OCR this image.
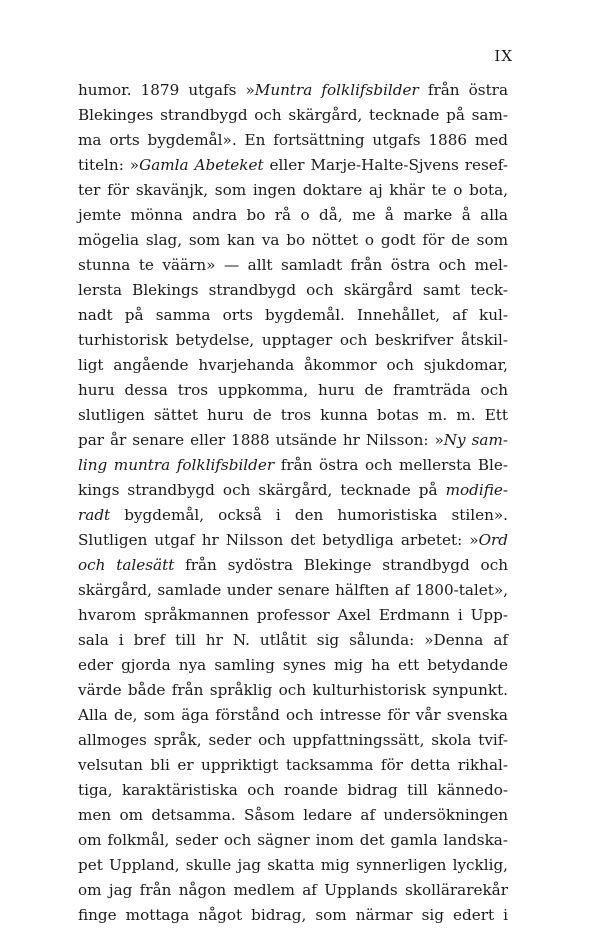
IX
humor. 1879 utgafs »Muntra folklifsbilder från östra
Blekinges strandbygd och skärgård, tecknade på sam-
ma orts bygdemål». En fortsättning utgafs 1886 med
titeln: »Gamla Abeteket eller Marje-Halte-Sjvens resef-
ter för skavänjk, som ingen doktare aj khär te o bota,
jemte mönna andra bo rå o då, me å marke å alla
mögelia slag, som kan va bo nöttet o godt för de som
stunna te väärn» — allt samladt från östra och mel-
lersta Blekings strandbygd och skärgård samt teck-
nadt på samma orts bygdemål. Innehållet, af kul-
turhistorisk betydelse, upptager och beskrifver åtskil-
ligt angående hvarjehanda åkommor och sjukdomar,
huru dessa tros uppkomma, huru de framträda och
slutligen sättet huru de tros kunna botas m. m. Ett
par år senare eller 1888 utsände hr Nilsson: »Ny sam-
ling muntra folklifsbilder från östra och mellersta Ble-
kings strandbygd och skärgård, tecknade på modifie-
radt bygdemål, också i den humoristiska stilen».
Slutligen utgaf hr Nilsson det betydliga arbetet: »Ord
och talesätt från sydöstra Blekinge strandbygd och
skärgård, samlade under senare hälften af 1800-talet»,
hvarom språkmannen professor Axel Erdmann i Upp-
sala i bref till hr N. utlåtit sig sålunda: »Denna af
eder gjorda nya samling synes mig ha ett betydande
värde både från språklig och kulturhistorisk synpunkt.
Alla de, som äga förstånd och intresse för vår svenska
allmoges språk, seder och uppfattningssätt, skola tvif-
velsutan bli er uppriktigt tacksamma för detta rikhal-
tiga, karaktäristiska och roande bidrag till kännedo-
men om detsamma. Såsom ledare af undersökningen
om folkmål, seder och sägner inom det gamla landska-
pet Uppland, skulle jag skatta mig synnerligen lycklig,
om jag från någon medlem af Upplands skollärarekår
finge mottaga något bidrag, som närmar sig edert i
